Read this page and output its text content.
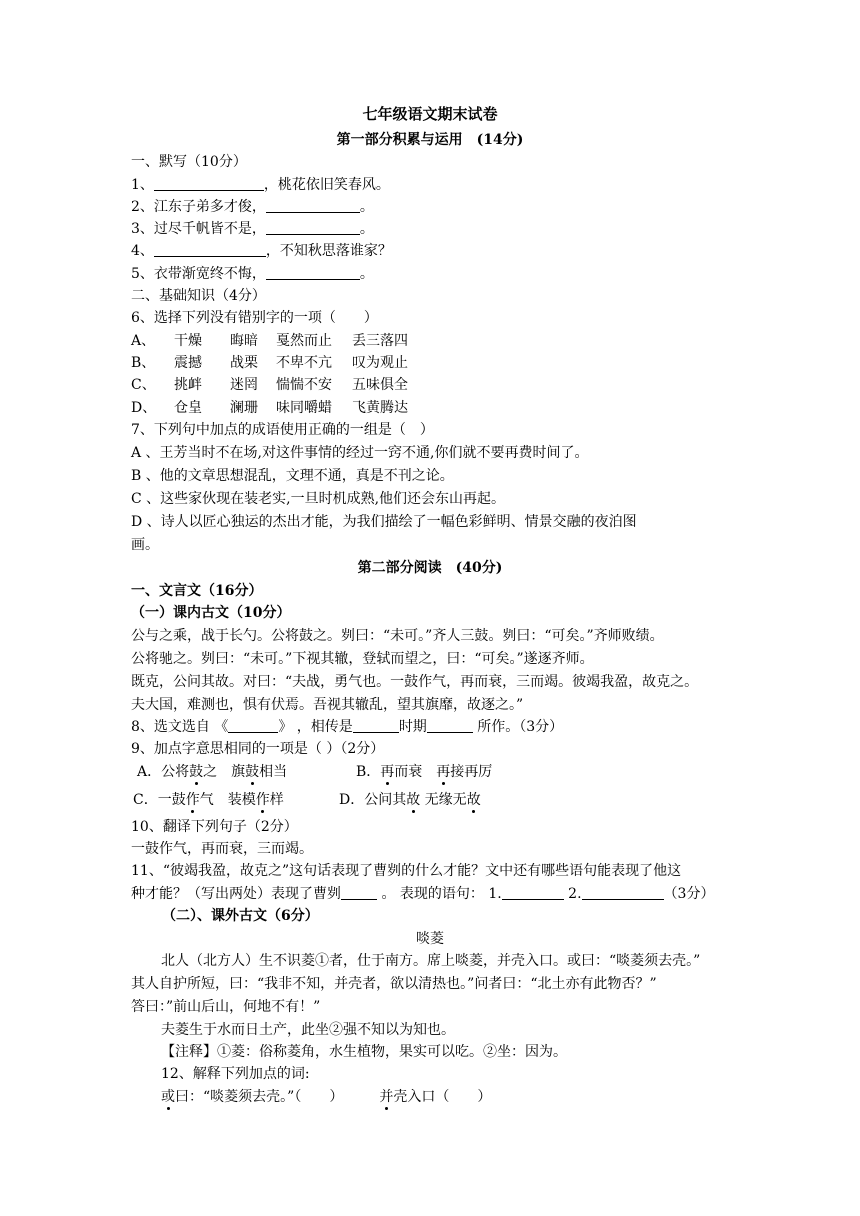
七年级语文期末试卷
第一部分积累与运用　(14分)
一、默写（10分）
1、	，桃花依旧笑春风。
2、江东子弟多才俊，	。
3、过尽千帆皆不是，	。
4、	，不知秋思落谁家？
5、衣带渐宽终不悔，	。
二、基础知识（4分）
6、选择下列没有错别字的一项（　　）
A、 干燥 晦暗 戛然而止 丢三落四
B、 震撼 战栗 不卑不亢 叹为观止
C、 挑衅 迷罔 惴惴不安 五味俱全
D、 仓皇 澜珊 味同嚼蜡 飞黄腾达
7、下列句中加点的成语使用正确的一组是（　）
A 、王芳当时不在场,对这件事情的经过一窍不通,你们就不要再费时间了。
B 、他的文章思想混乱，文理不通，真是不刊之论。
C 、这些家伙现在装老实,一旦时机成熟,他们还会东山再起。
D 、诗人以匠心独运的杰出才能，为我们描绘了一幅色彩鲜明、情景交融的夜泊图
画。
第二部分阅读　(40分)
一、文言文（16分）
（一）课内古文（10分）
公与之乘，战于长勺。公将鼓之。刿曰：“未可。”齐人三鼓。刿曰：“可矣。”齐师败绩。
公将驰之。刿曰：“未可。”下视其辙，登轼而望之，曰：“可矣。”遂逐齐师。
既克，公问其故。对曰：“夫战，勇气也。一鼓作气，再而衰，三而竭。彼竭我盈，故克之。
夫大国，难测也，惧有伏焉。吾视其辙乱，望其旗靡，故逐之。”
8、选文选自 《	》 ，相传是	时期	所作。（3分）
9、加点字意思相同的一项是（ ）（2分）
A．公将鼓之　旗鼓相当	B．再而衰　再接再厉
C．一鼓作气　装模作样	D．公问其故 无缘无故
10、翻译下列句子（2分）
一鼓作气，再而衰，三而竭。
11、“彼竭我盈，故克之”这句话表现了曹刿的什么才能？文中还有哪些语句能表现了他这
种才能？（写出两处）表现了曹刿	。 表现的语句： 1.	2.	（3分）
（二）、课外古文（6分）
啖菱
北人（北方人）生不识菱①者，仕于南方。席上啖菱，并壳入口。或曰：“啖菱须去壳。”
其人自护所短，曰：“我非不知，并壳者，欲以清热也。”问者曰：“北土亦有此物否？”
答曰：”前山后山，何地不有！”
夫菱生于水而日土产，此坐②强不知以为知也。
【注释】①菱：俗称菱角，水生植物，果实可以吃。②坐：因为。
12、解释下列加点的词:
或曰：“啖菱须去壳。”（　　）	并壳入口（　　）
